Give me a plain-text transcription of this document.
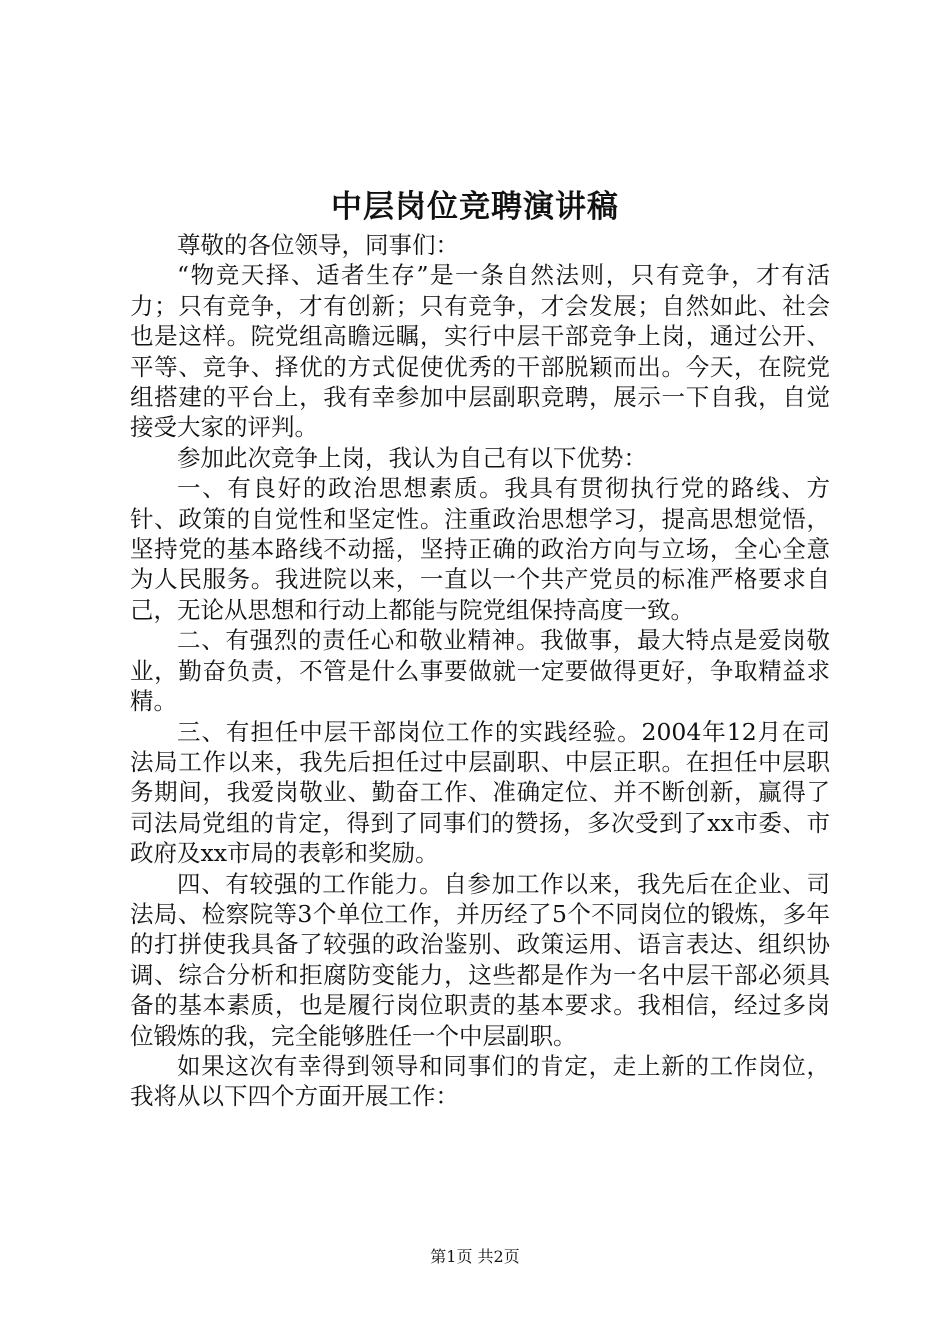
中层岗位竞聘演讲稿

尊敬的各位领导，同事们：

“物竞天择、适者生存”是一条自然法则，只有竞争，才有活力；只有竞争，才有创新；只有竞争，才会发展；自然如此、社会也是这样。院党组高瞻远瞩，实行中层干部竞争上岗，通过公开、平等、竞争、择优的方式促使优秀的干部脱颖而出。今天，在院党组搭建的平台上，我有幸参加中层副职竞聘，展示一下自我，自觉接受大家的评判。

参加此次竞争上岗，我认为自己有以下优势：

一、有良好的政治思想素质。我具有贯彻执行党的路线、方针、政策的自觉性和坚定性。注重政治思想学习，提高思想觉悟，坚持党的基本路线不动摇，坚持正确的政治方向与立场，全心全意为人民服务。我进院以来，一直以一个共产党员的标准严格要求自己，无论从思想和行动上都能与院党组保持高度一致。

二、有强烈的责任心和敬业精神。我做事，最大特点是爱岗敬业，勤奋负责，不管是什么事要做就一定要做得更好，争取精益求精。

三、有担任中层干部岗位工作的实践经验。2004年12月在司法局工作以来，我先后担任过中层副职、中层正职。在担任中层职务期间，我爱岗敬业、勤奋工作、准确定位、并不断创新，赢得了司法局党组的肯定，得到了同事们的赞扬，多次受到了xx市委、市政府及xx市局的表彰和奖励。

四、有较强的工作能力。自参加工作以来，我先后在企业、司法局、检察院等3个单位工作，并历经了5个不同岗位的锻炼，多年的打拼使我具备了较强的政治鉴别、政策运用、语言表达、组织协调、综合分析和拒腐防变能力，这些都是作为一名中层干部必须具备的基本素质，也是履行岗位职责的基本要求。我相信，经过多岗位锻炼的我，完全能够胜任一个中层副职。

如果这次有幸得到领导和同事们的肯定，走上新的工作岗位，我将从以下四个方面开展工作：

第1页 共2页
